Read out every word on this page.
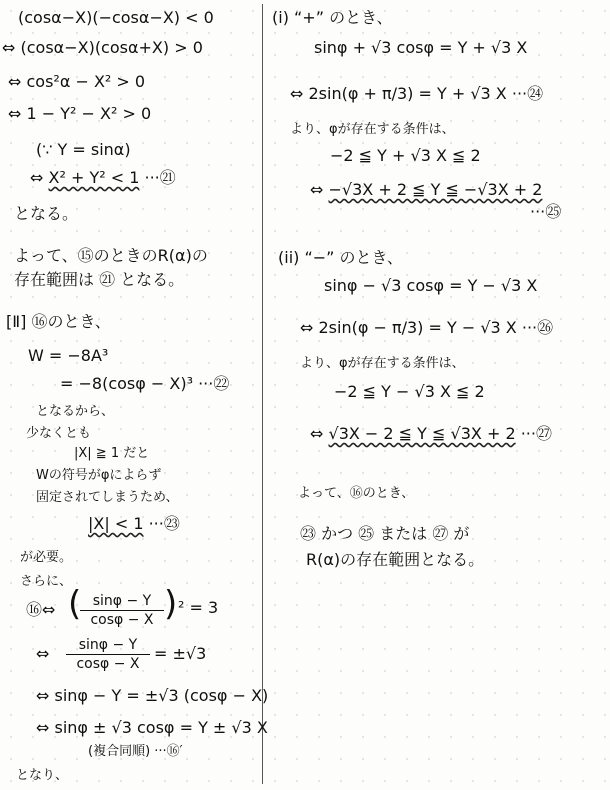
(cosα−X)(−cosα−X) < 0
⇔ (cosα−X)(cosα+X) > 0
⇔ cos²α − X² > 0
⇔ 1 − Y² − X² > 0
(∵ Y = sinα)
⇔ X² + Y² < 1 ···㉑
となる。
よって、⑮のときのR(α)の
存在範囲は ㉑ となる。
[Ⅱ] ⑯のとき、
W = −8A³
= −8(cosφ − X)³ ···㉒
となるから、
少なくとも
|X| ≧ 1 だと
Wの符号がφによらず
固定されてしまうため、
|X| < 1 ···㉓
が必要。
さらに、
⑯⇔ (
$\frac{\sin\varphi - Y}{\cos\varphi - X}$ ) ² = 3
⇔ $\frac{\sin\varphi - Y}{\cos\varphi - X} = \pm√3$
⇔ sinφ − Y = ±√3 (cosφ − X)
⇔ sinφ ± √3 cosφ = Y ± √3 X
(複合同順) ···⑯′
となり、
(i) “+” のとき、
sinφ + √3 cosφ = Y + √3 X
⇔ 2sin(φ + π/3) = Y + √3 X ···㉔
より、φが存在する条件は、
−2 ≦ Y + √3 X ≦ 2
⇔ −√3X + 2 ≦ Y ≦ −√3X + 2
···㉕
(ii) “−” のとき、
sinφ − √3 cosφ = Y − √3 X
⇔ 2sin(φ − π/3) = Y − √3 X ···㉖
より、φが存在する条件は、
−2 ≦ Y − √3 X ≦ 2
⇔ √3X − 2 ≦ Y ≦ √3X + 2 ···㉗
よって、⑯のとき、
㉓ かつ ㉕ または ㉗ が
R(α)の存在範囲となる。
